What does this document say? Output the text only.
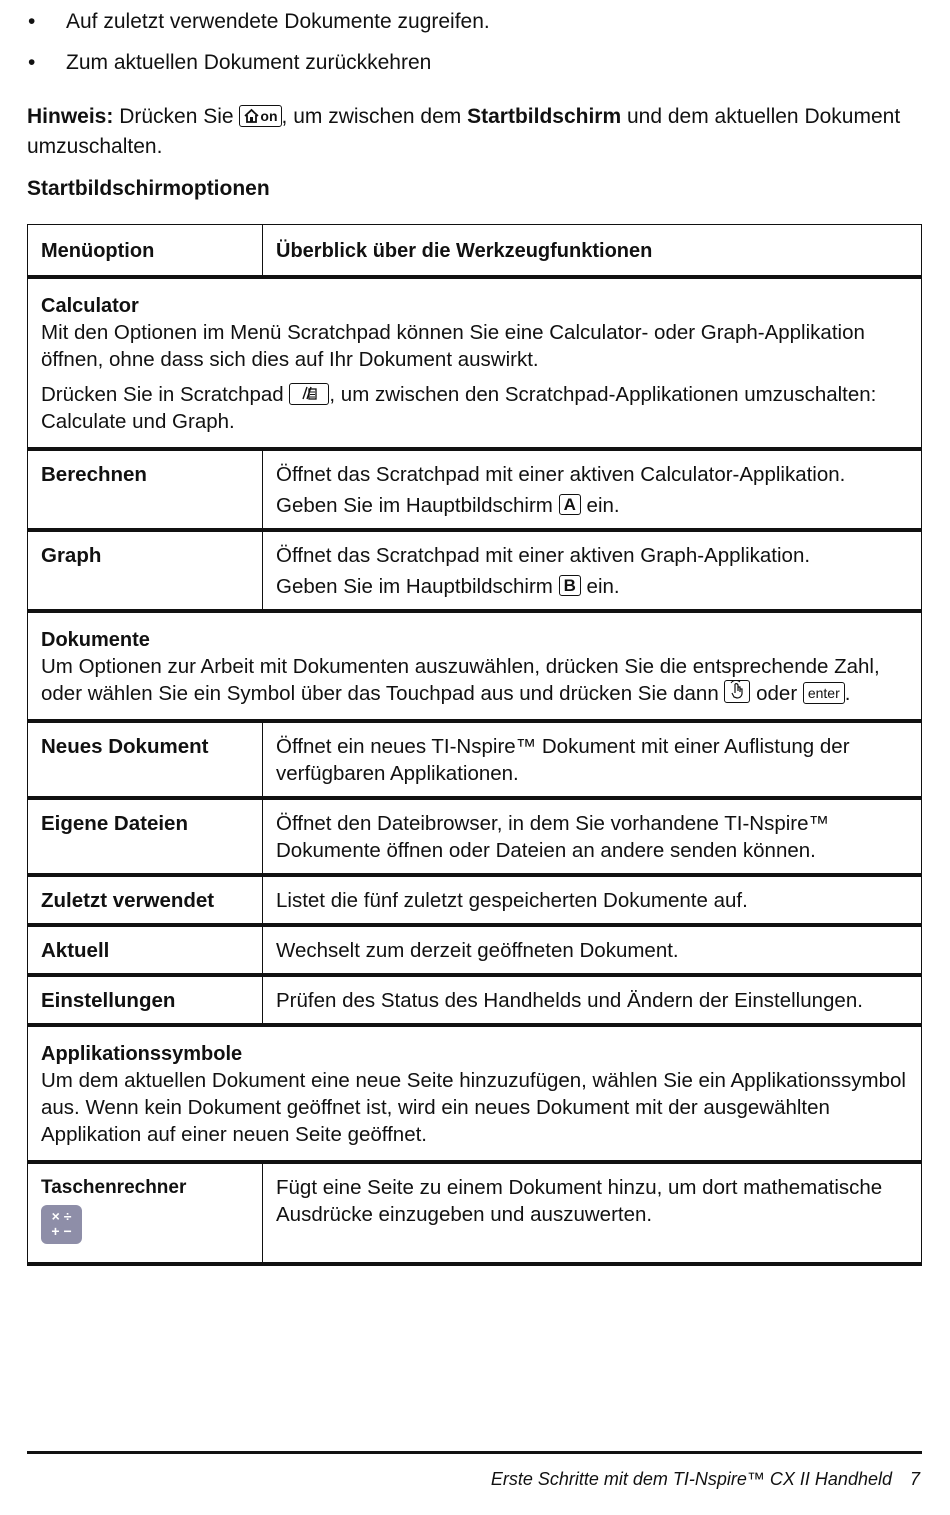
•	Auf zuletzt verwendete Dokumente zugreifen.
•	Zum aktuellen Dokument zurückkehren
Hinweis: Drücken Sie on , um zwischen dem Startbildschirm und dem aktuellen Dokument umzuschalten.
Startbildschirmoptionen
Menüoption	Überblick über die Werkzeugfunktionen

Calculator

Mit den Optionen im Menü Scratchpad können Sie eine Calculator- oder Graph-Applikation öffnen, ohne dass sich dies auf Ihr Dokument auswirkt.

Drücken Sie in Scratchpad , um zwischen den Scratchpad-Applikationen umzuschalten: Calculate und Graph.	

Berechnen	Öffnet das Scratchpad mit einer aktiven Calculator-Applikation.
Geben Sie im Hauptbildschirm A ein.

Graph	Öffnet das Scratchpad mit einer aktiven Graph-Applikation.
Geben Sie im Hauptbildschirm B ein.

Dokumente

Um Optionen zur Arbeit mit Dokumenten auszuwählen, drücken Sie die entsprechende Zahl, oder wählen Sie ein Symbol über das Touchpad aus und drücken Sie dann  oder enter .	

Neues Dokument	Öffnet ein neues TI-Nspire™ Dokument mit einer Auflistung der verfügbaren Applikationen.
Eigene Dateien	Öffnet den Dateibrowser, in dem Sie vorhandene TI-Nspire™ Dokumente öffnen oder Dateien an andere senden können.
Zuletzt verwendet	Listet die fünf zuletzt gespeicherten Dokumente auf.
Aktuell	Wechselt zum derzeit geöffneten Dokument.
Einstellungen	Prüfen des Status des Handhelds und Ändern der Einstellungen.

Applikationssymbole

Um dem aktuellen Dokument eine neue Seite hinzuzufügen, wählen Sie ein Applikationssymbol aus. Wenn kein Dokument geöffnet ist, wird ein neues Dokument mit der ausgewählten Applikation auf einer neuen Seite geöffnet.	

Taschenrechner
× ÷
+ −	Fügt eine Seite zu einem Dokument hinzu, um dort mathematische Ausdrücke einzugeben und auszuwerten.
Erste Schritte mit dem TI-Nspire™ CX II Handheld 7
